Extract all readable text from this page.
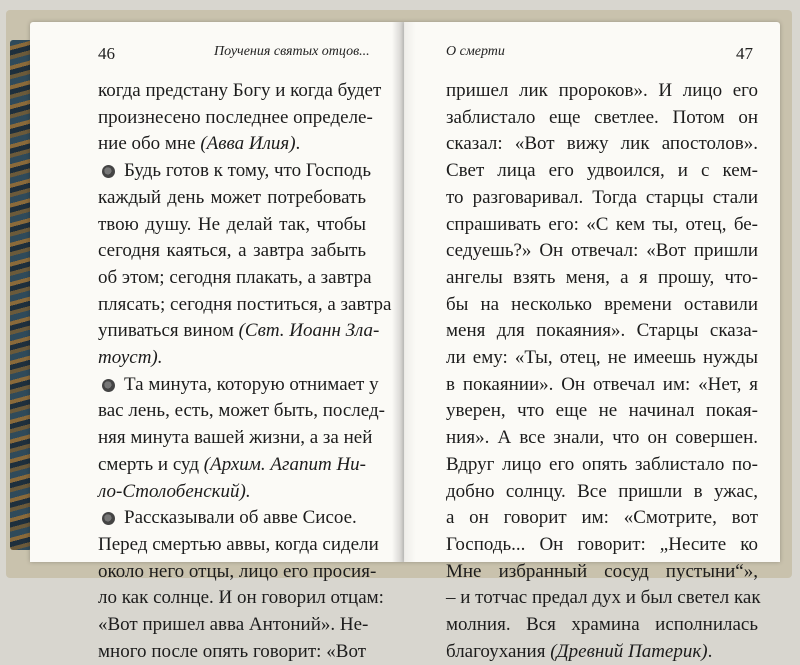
46	Поучения святых отцов...	О смерти	47
когда предстану Богу и когда будет
произнесено последнее определе-
ние обо мне (Авва Илия).
Будь готов к тому, что Господь
каждый день может потребовать
твою душу. Не делай так, чтобы
сегодня каяться, а завтра забыть
об этом; сегодня плакать, а завтра
плясать; сегодня поститься, а завтра
упиваться вином (Свт. Иоанн Зла-
тоуст).
Та минута, которую отнимает у
вас лень, есть, может быть, послед-
няя минута вашей жизни, а за ней
смерть и суд (Архим. Агапит Ни-
ло-Столобенский).
Рассказывали об авве Сисое.
Перед смертью аввы, когда сидели
около него отцы, лицо его просия-
ло как солнце. И он говорил отцам:
«Вот пришел авва Антоний». Не-
много после опять говорит: «Вот
пришел лик пророков». И лицо его
заблистало еще светлее. Потом он
сказал: «Вот вижу лик апостолов».
Свет лица его удвоился, и с кем-
то разговаривал. Тогда старцы стали
спрашивать его: «С кем ты, отец, бе-
седуешь?» Он отвечал: «Вот пришли
ангелы взять меня, а я прошу, что-
бы на несколько времени оставили
меня для покаяния». Старцы сказа-
ли ему: «Ты, отец, не имеешь нужды
в покаянии». Он отвечал им: «Нет, я
уверен, что еще не начинал покая-
ния». А все знали, что он совершен.
Вдруг лицо его опять заблистало по-
добно солнцу. Все пришли в ужас,
а он говорит им: «Смотрите, вот
Господь... Он говорит: „Несите ко
Мне избранный сосуд пустыни“»,
– и тотчас предал дух и был светел как
молния. Вся храмина исполнилась
благоухания (Древний Патерик).
